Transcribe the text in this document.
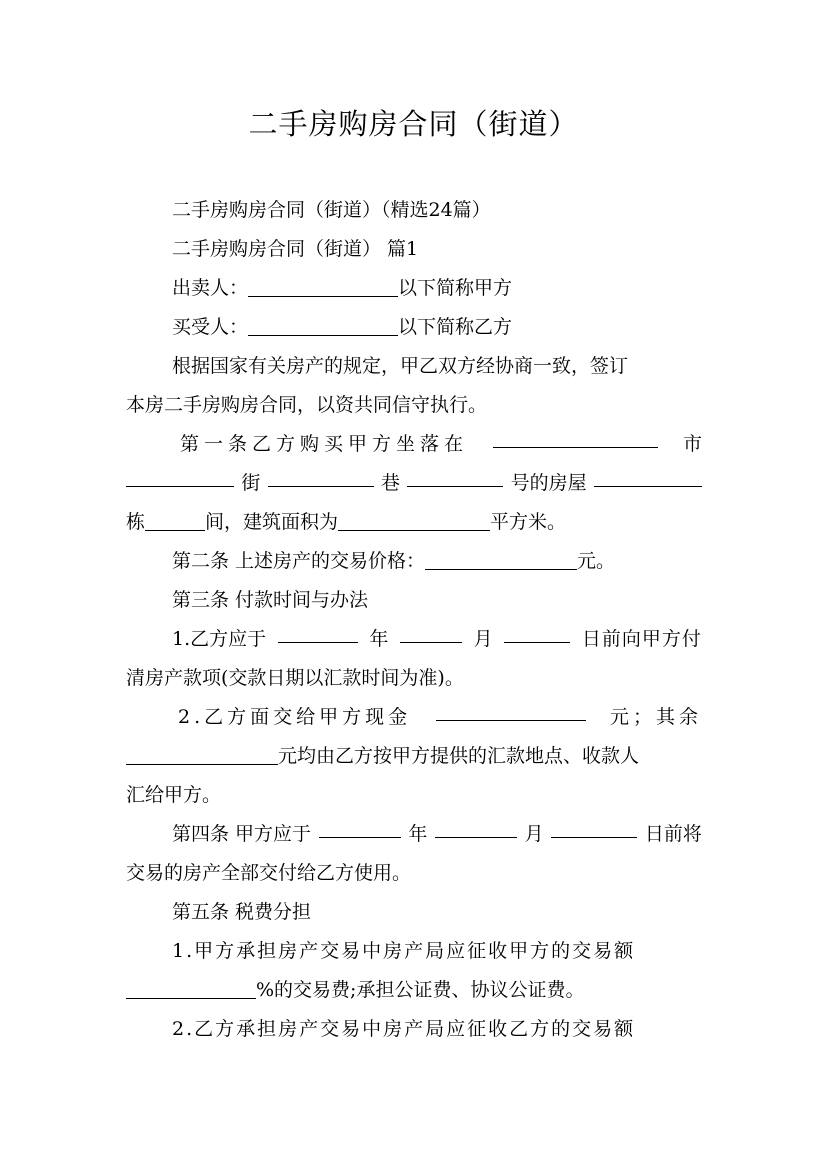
二手房购房合同（街道）
二手房购房合同（街道）（精选24篇）
二手房购房合同（街道） 篇1
出卖人：	以下简称甲方
买受人：	以下简称乙方
根据国家有关房产的规定，甲乙双方经协商一致，签订
本房二手房购房合同，以资共同信守执行。
第一条乙方购买甲方坐落在	市
街	巷	号的房屋
栋	间，建筑面积为	平方米。
第二条 上述房产的交易价格：	元。
第三条 付款时间与办法
1.乙方应于	年	月	日前向甲方付
清房产款项(交款日期以汇款时间为准)。
2.乙方面交给甲方现金	元；其余
元均由乙方按甲方提供的汇款地点、收款人
汇给甲方。
第四条 甲方应于	年	月	日前将
交易的房产全部交付给乙方使用。
第五条 税费分担
1.甲方承担房产交易中房产局应征收甲方的交易额
%的交易费;承担公证费、协议公证费。
2.乙方承担房产交易中房产局应征收乙方的交易额
